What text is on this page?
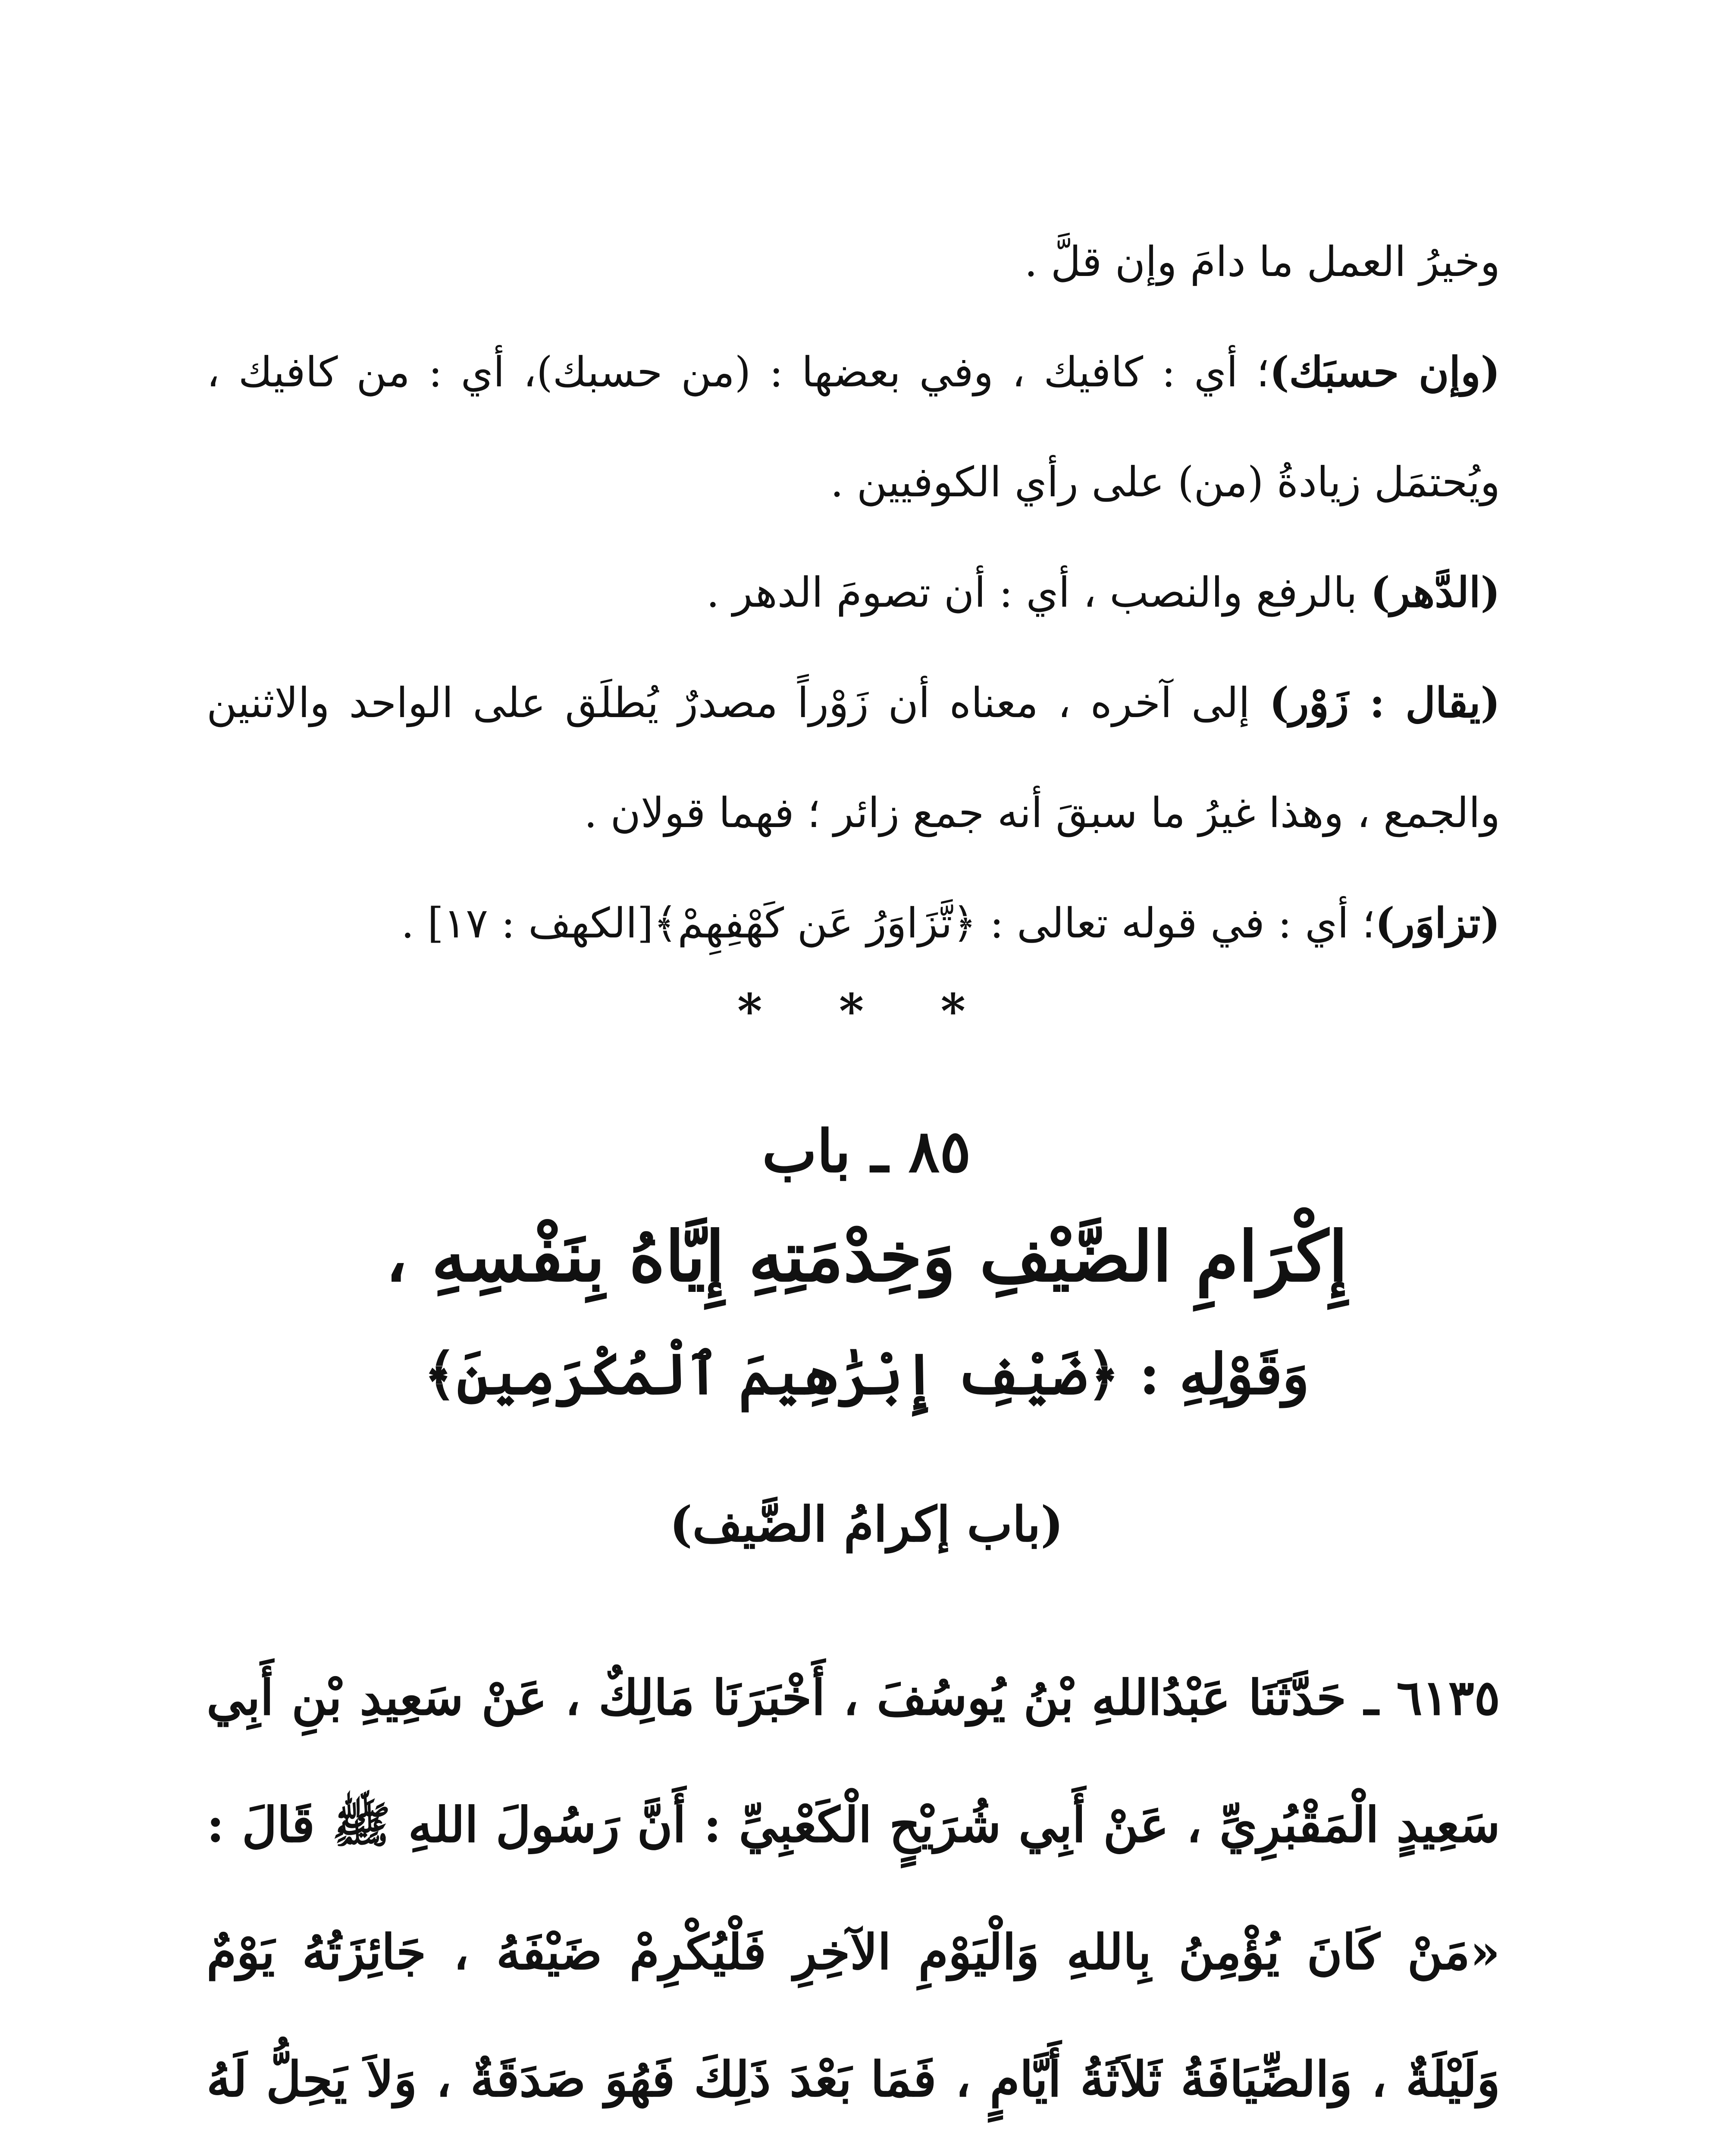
وخيرُ العمل ما دامَ وإن قلَّ .
(وإن حسبَك)؛ أي : كافيك ، وفي بعضها : (من حسبك)، أي : من كافيك ، ويُحتمَل زيادةُ (من) على رأي الكوفيين .
(الدَّهر) بالرفع والنصب ، أي : أن تصومَ الدهر .
(يقال : زَوْر) إلى آخره ، معناه أن زَوْراً مصدرٌ يُطلَق على الواحد والاثنين والجمع ، وهذا غيرُ ما سبقَ أنه جمع زائر ؛ فهما قولان .
(تزاوَر)؛ أي : في قوله تعالى : ﴿تَّزَاوَرُ عَن كَهْفِهِمْ﴾[الكهف : ١٧] .
* * *
٨٥ ـ باب
إِكْرَامِ الضَّيْفِ وَخِدْمَتِهِ إِيَّاهُ بِنَفْسِهِ ،
وَقَوْلِهِ : ﴿ضَيْفِ إِبْرَٰهِيمَ ٱلْمُكْرَمِينَ﴾
(باب إكرامُ الضَّيف)
٦١٣٥ ـ حَدَّثَنَا عَبْدُاللهِ بْنُ يُوسُفَ ، أَخْبَرَنَا مَالِكٌ ، عَنْ سَعِيدِ بْنِ أَبِي سَعِيدٍ الْمَقْبُرِيِّ ، عَنْ أَبِي شُرَيْحٍ الْكَعْبِيِّ : أَنَّ رَسُولَ اللهِ ﷺ قَالَ : «مَنْ كَانَ يُؤْمِنُ بِاللهِ وَالْيَوْمِ الآخِرِ فَلْيُكْرِمْ ضَيْفَهُ ، جَائِزَتُهُ يَوْمٌ وَلَيْلَةٌ ، وَالضِّيَافَةُ ثَلاَثَةُ أَيَّامٍ ، فَمَا بَعْدَ ذَلِكَ فَهُوَ صَدَقَةٌ ، وَلاَ يَحِلُّ لَهُ
